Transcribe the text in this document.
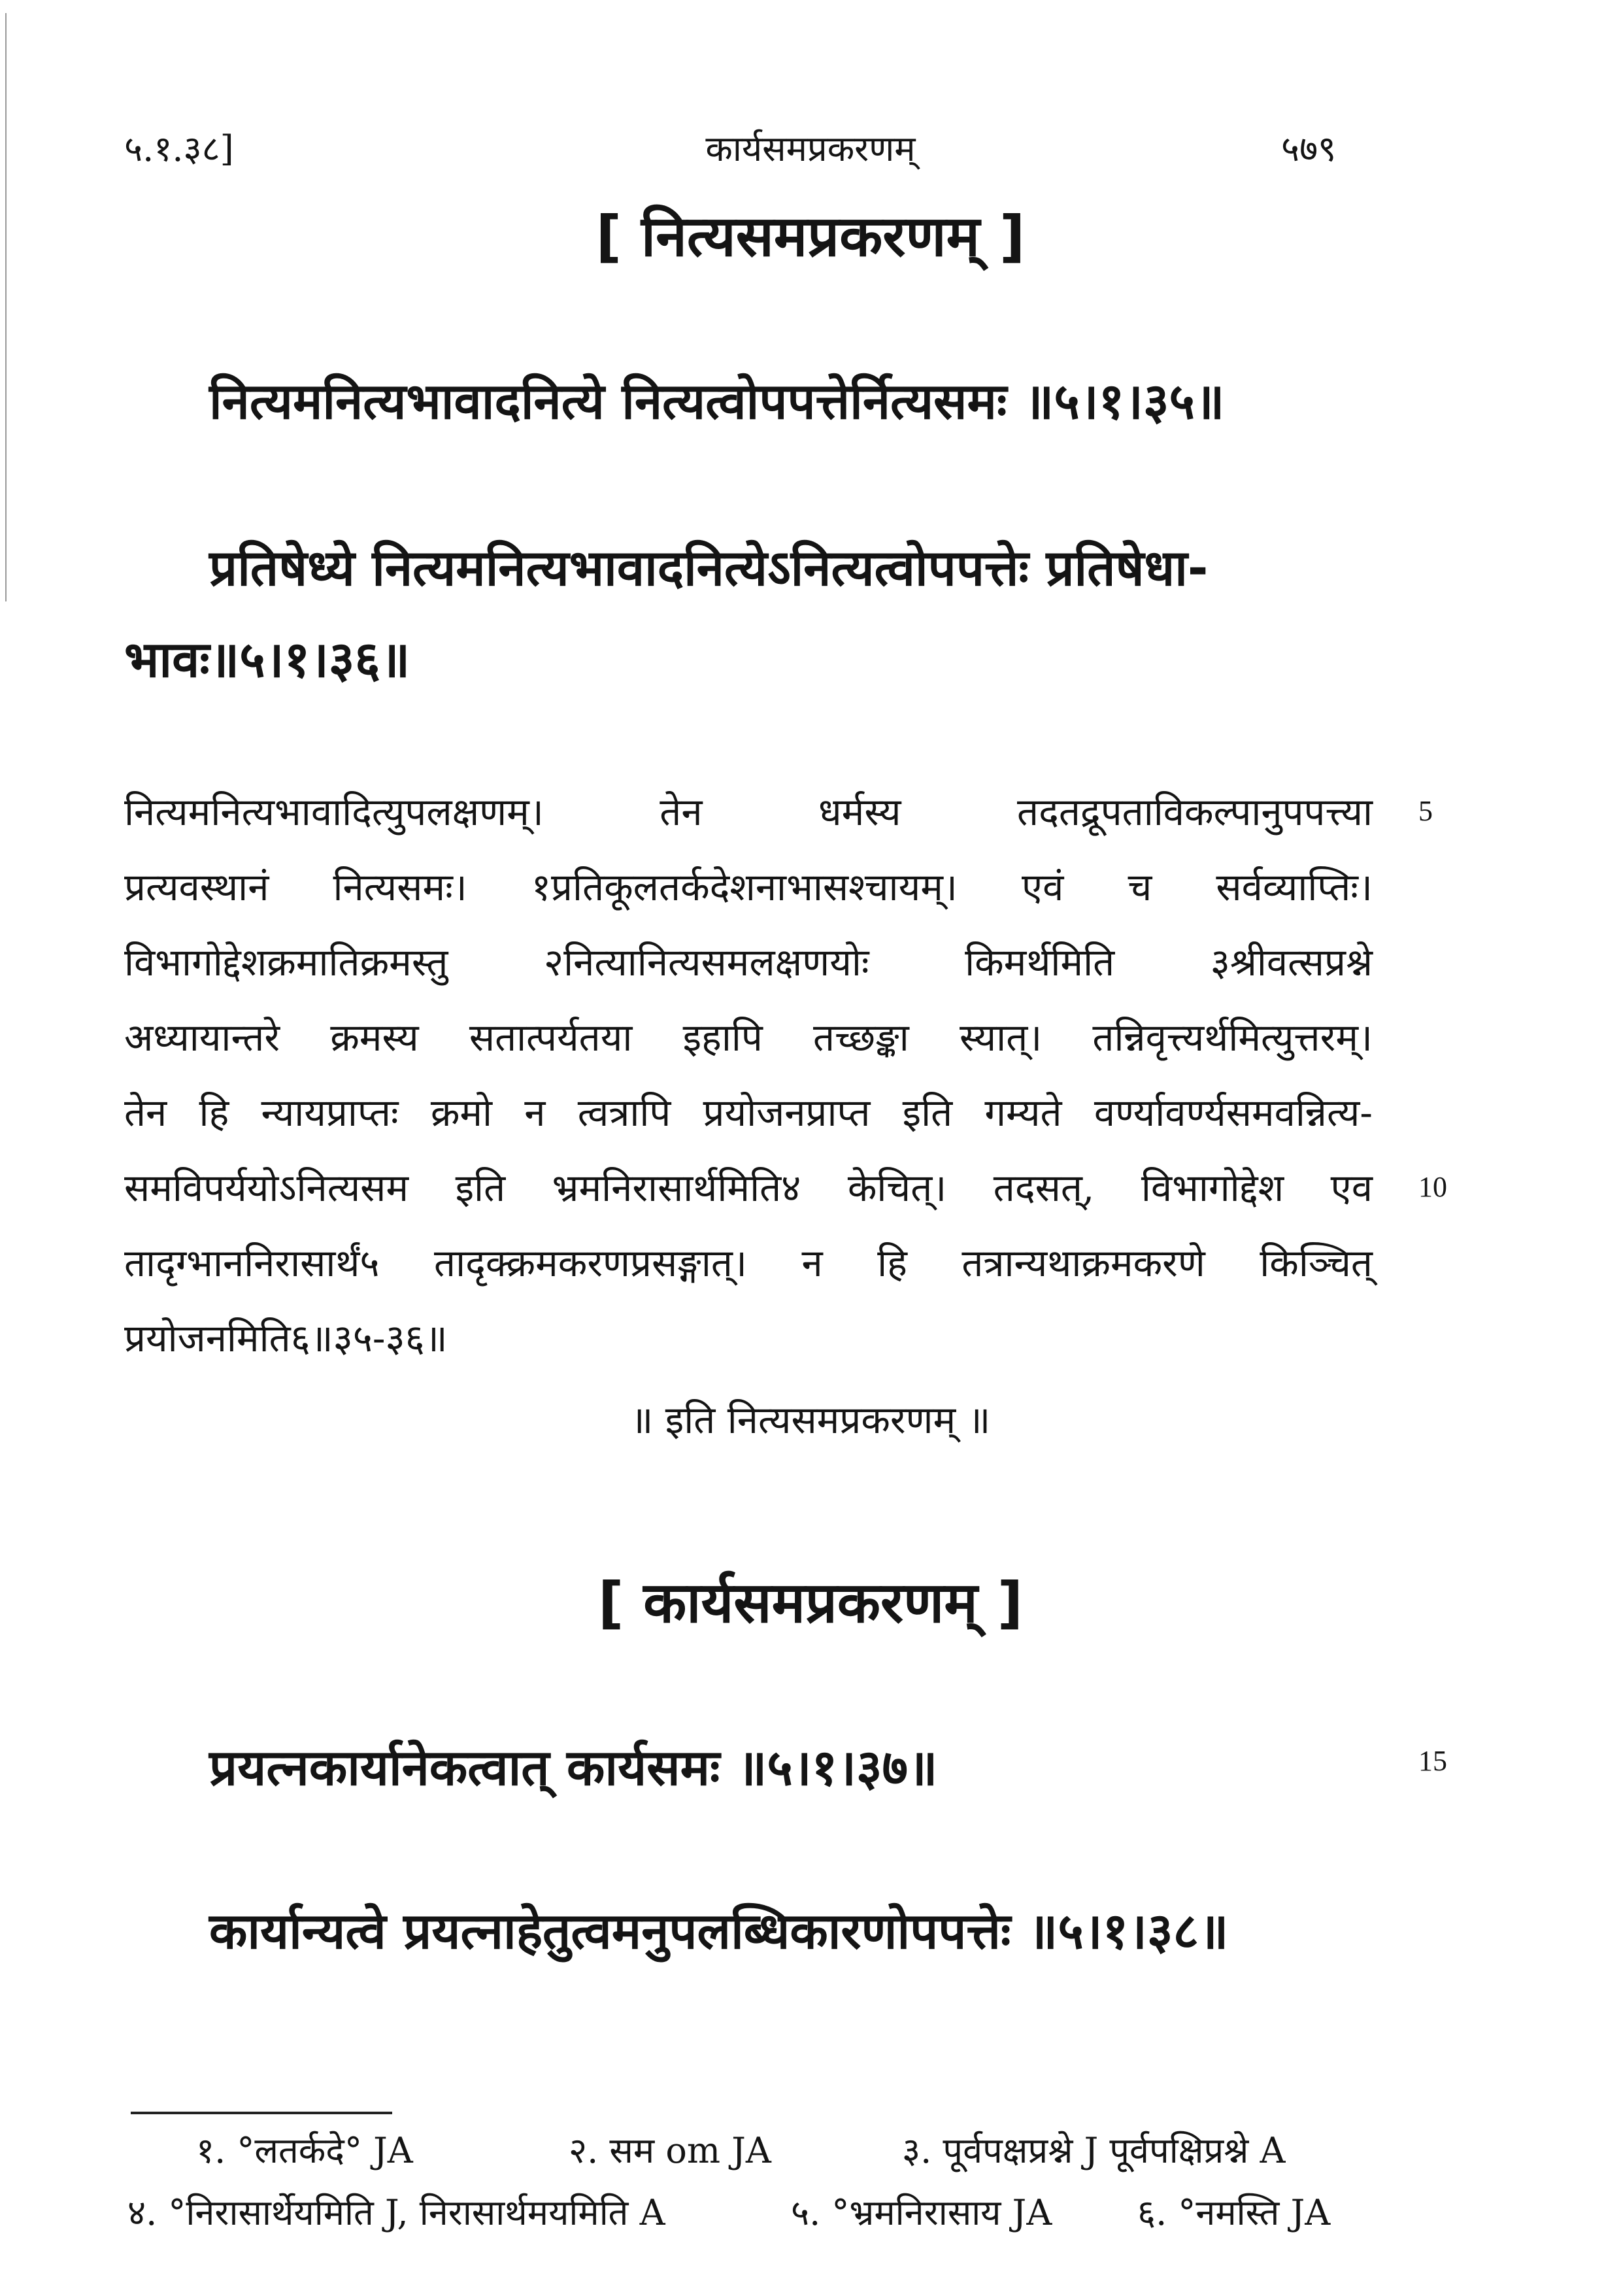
५.१.३८]	कार्यसमप्रकरणम्	५७९
[ नित्यसमप्रकरणम् ]
नित्यमनित्यभावादनित्ये नित्यत्वोपपत्तेर्नित्यसमः ॥५।१।३५॥
प्रतिषेध्ये नित्यमनित्यभावादनित्येऽनित्यत्वोपपत्तेः प्रतिषेधा-
भावः॥५।१।३६॥
नित्यमनित्यभावादित्युपलक्षणम्। तेन धर्मस्य तदतद्रूपताविकल्पानुपपत्त्या
प्रत्यवस्थानं नित्यसमः। १प्रतिकूलतर्कदेशनाभासश्चायम्। एवं च सर्वव्याप्तिः।
विभागोद्देशक्रमातिक्रमस्तु २नित्यानित्यसमलक्षणयोः किमर्थमिति ३श्रीवत्सप्रश्ने
अध्यायान्तरे क्रमस्य सतात्पर्यतया इहापि तच्छङ्का स्यात्। तन्निवृत्त्यर्थमित्युत्तरम्।
तेन हि न्यायप्राप्तः क्रमो न त्वत्रापि प्रयोजनप्राप्त इति गम्यते वर्ण्यावर्ण्यसमवन्नित्य-
समविपर्ययोऽनित्यसम इति भ्रमनिरासार्थमिति४ केचित्। तदसत्, विभागोद्देश एव
तादृग्भाननिरासार्थं५ तादृक्क्रमकरणप्रसङ्गात्। न हि तत्रान्यथाक्रमकरणे किञ्चित्
प्रयोजनमिति६॥३५-३६॥
॥ इति नित्यसमप्रकरणम् ॥
[ कार्यसमप्रकरणम् ]
प्रयत्नकार्यानेकत्वात् कार्यसमः ॥५।१।३७॥
कार्यान्यत्वे प्रयत्नाहेतुत्वमनुपलब्धिकारणोपपत्तेः ॥५।१।३८॥
5
10
15
१. °लतर्कदे° JA	२. सम om JA	३. पूर्वपक्षप्रश्ने J पूर्वपक्षिप्रश्ने A
४. °निरासार्थेयमिति J, निरासार्थमयमिति A	५. °भ्रमनिरासाय JA ६. °नमस्ति JA
